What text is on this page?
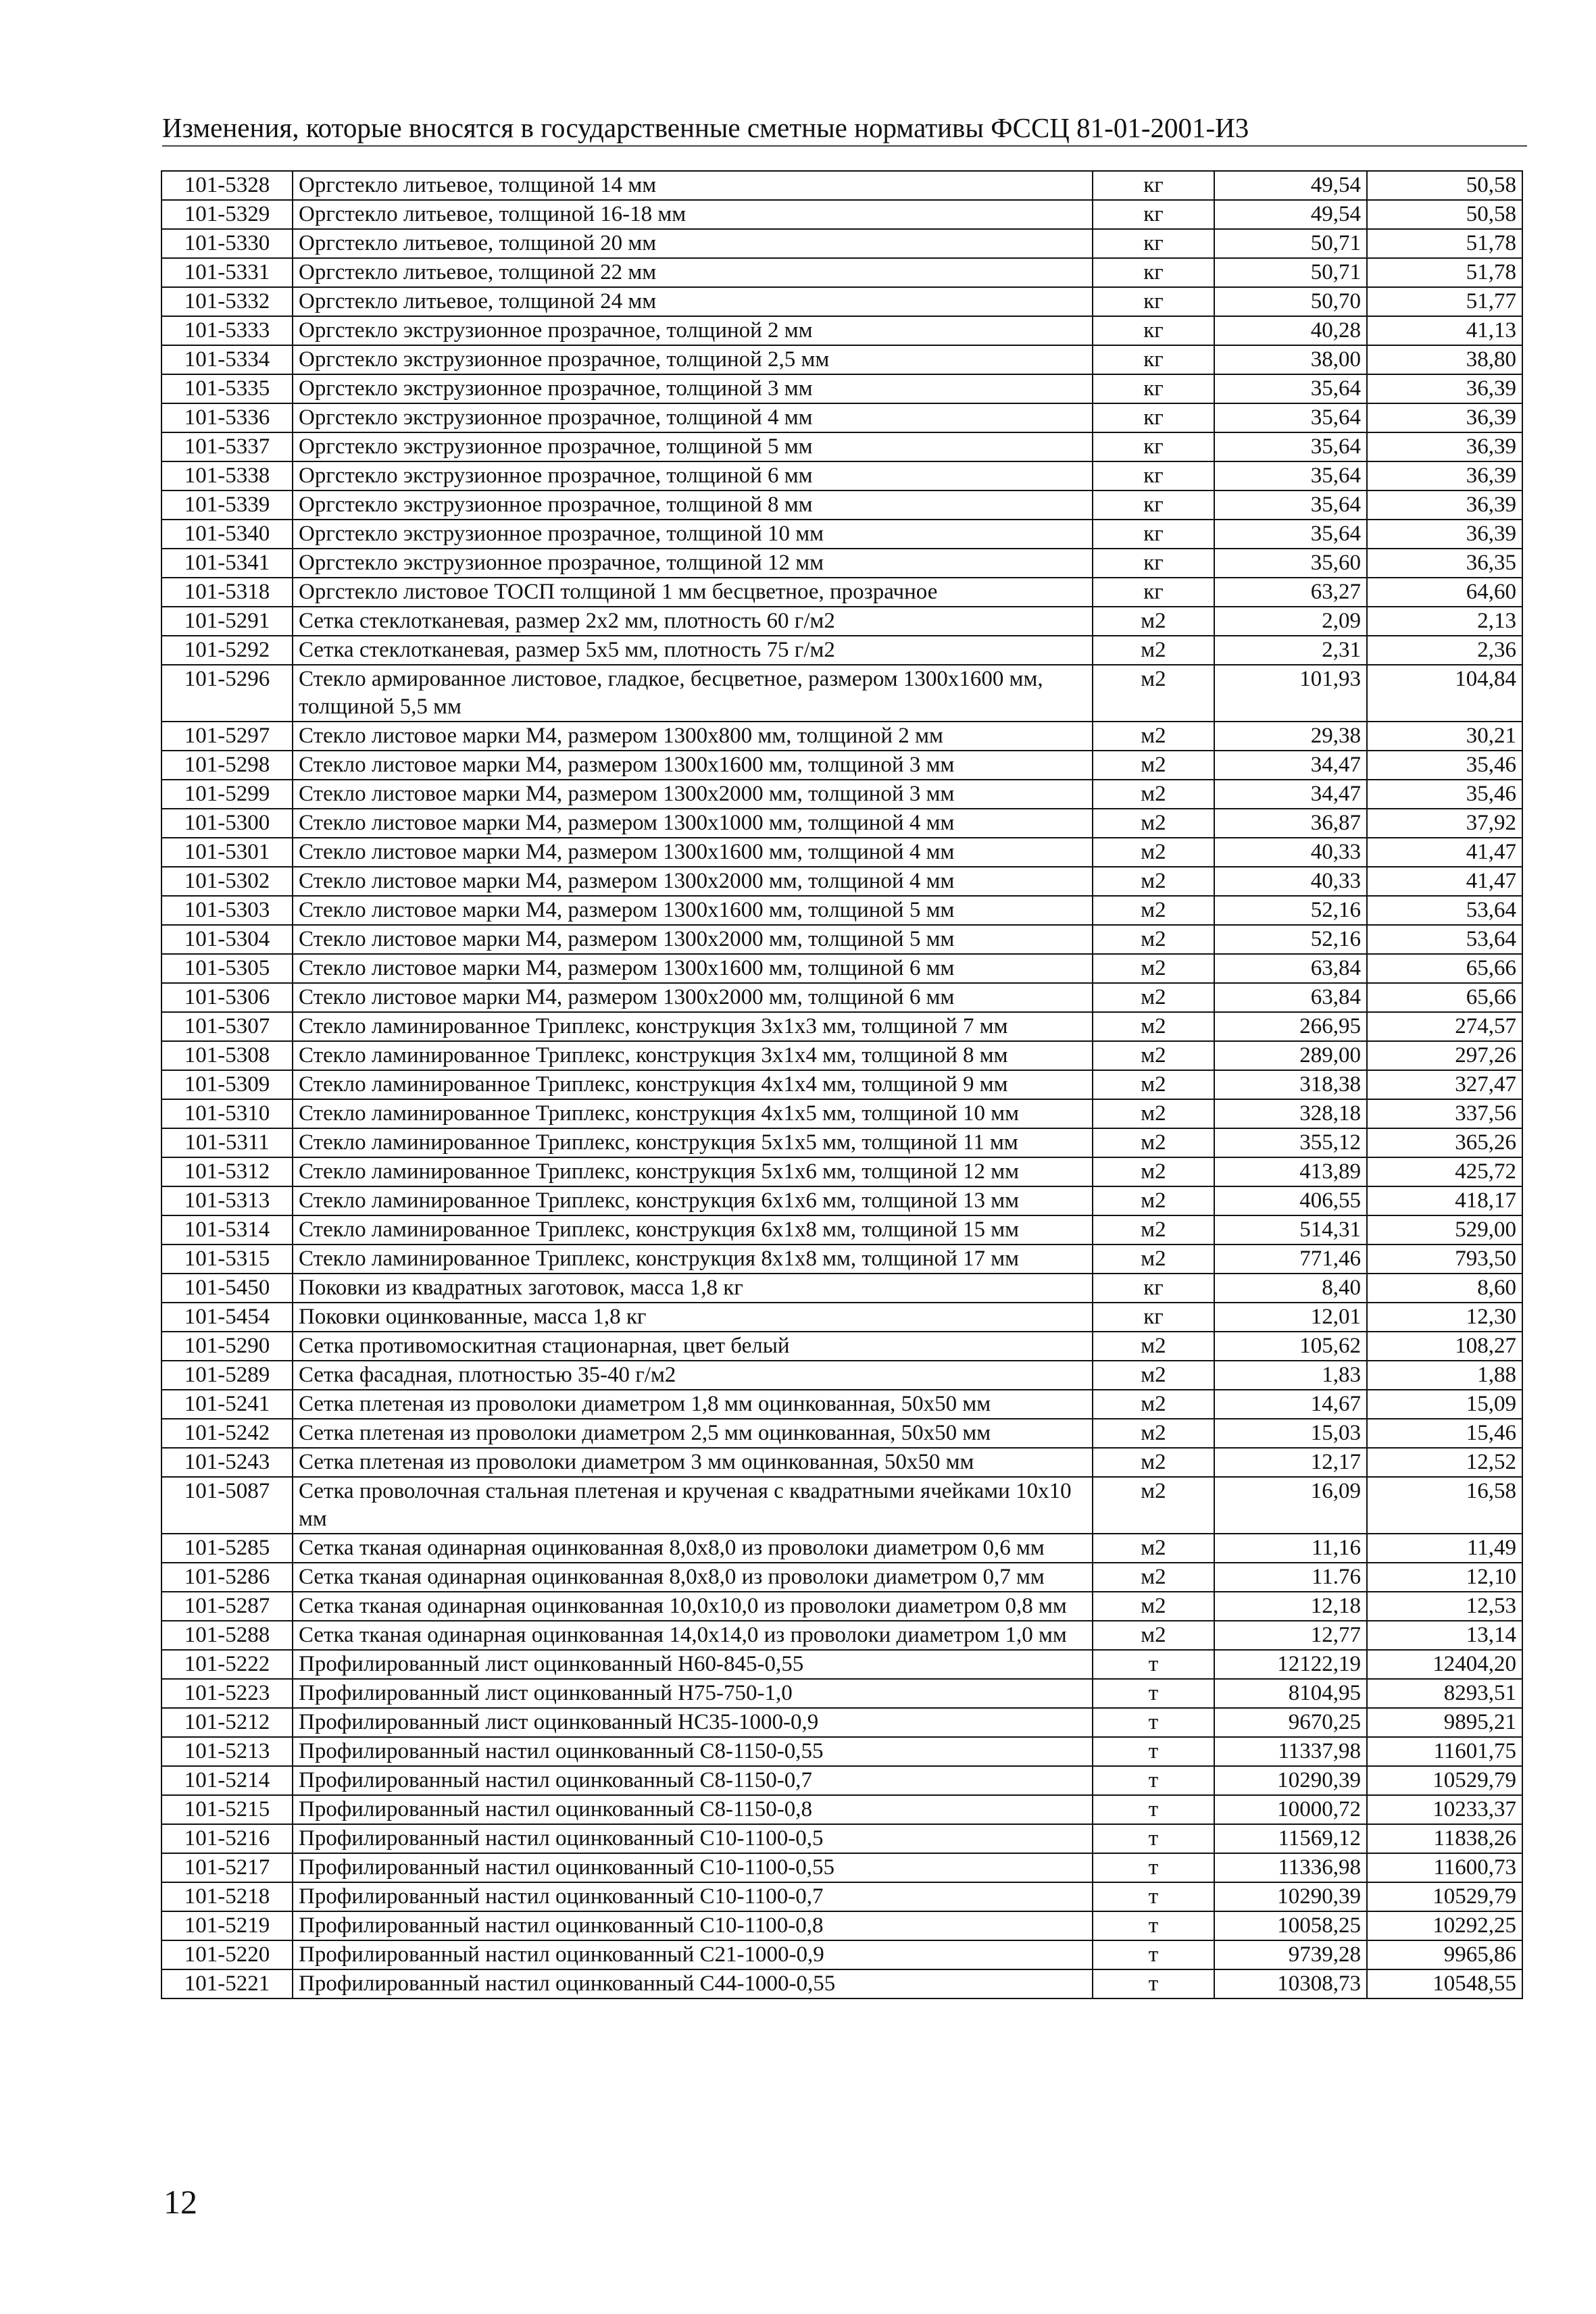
Изменения, которые вносятся в государственные сметные нормативы ФССЦ 81-01-2001-И3
101-5328	Оргстекло литьевое, толщиной 14 мм	кг	49,54	50,58
101-5329	Оргстекло литьевое, толщиной 16-18 мм	кг	49,54	50,58
101-5330	Оргстекло литьевое, толщиной 20 мм	кг	50,71	51,78
101-5331	Оргстекло литьевое, толщиной 22 мм	кг	50,71	51,78
101-5332	Оргстекло литьевое, толщиной 24 мм	кг	50,70	51,77
101-5333	Оргстекло экструзионное прозрачное, толщиной 2 мм	кг	40,28	41,13
101-5334	Оргстекло экструзионное прозрачное, толщиной 2,5 мм	кг	38,00	38,80
101-5335	Оргстекло экструзионное прозрачное, толщиной 3 мм	кг	35,64	36,39
101-5336	Оргстекло экструзионное прозрачное, толщиной 4 мм	кг	35,64	36,39
101-5337	Оргстекло экструзионное прозрачное, толщиной 5 мм	кг	35,64	36,39
101-5338	Оргстекло экструзионное прозрачное, толщиной 6 мм	кг	35,64	36,39
101-5339	Оргстекло экструзионное прозрачное, толщиной 8 мм	кг	35,64	36,39
101-5340	Оргстекло экструзионное прозрачное, толщиной 10 мм	кг	35,64	36,39
101-5341	Оргстекло экструзионное прозрачное, толщиной 12 мм	кг	35,60	36,35
101-5318	Оргстекло листовое ТОСП толщиной 1 мм бесцветное, прозрачное	кг	63,27	64,60
101-5291	Сетка стеклотканевая, размер 2х2 мм, плотность 60 г/м2	м2	2,09	2,13
101-5292	Сетка стеклотканевая, размер 5х5 мм, плотность 75 г/м2	м2	2,31	2,36
101-5296	Стекло армированное листовое, гладкое, бесцветное, размером 1300х1600 мм, толщиной 5,5 мм	м2	101,93	104,84
101-5297	Стекло листовое марки М4, размером 1300х800 мм, толщиной 2 мм	м2	29,38	30,21
101-5298	Стекло листовое марки М4, размером 1300х1600 мм, толщиной 3 мм	м2	34,47	35,46
101-5299	Стекло листовое марки М4, размером 1300х2000 мм, толщиной 3 мм	м2	34,47	35,46
101-5300	Стекло листовое марки М4, размером 1300х1000 мм, толщиной 4 мм	м2	36,87	37,92
101-5301	Стекло листовое марки М4, размером 1300х1600 мм, толщиной 4 мм	м2	40,33	41,47
101-5302	Стекло листовое марки М4, размером 1300х2000 мм, толщиной 4 мм	м2	40,33	41,47
101-5303	Стекло листовое марки М4, размером 1300х1600 мм, толщиной 5 мм	м2	52,16	53,64
101-5304	Стекло листовое марки М4, размером 1300х2000 мм, толщиной 5 мм	м2	52,16	53,64
101-5305	Стекло листовое марки М4, размером 1300х1600 мм, толщиной 6 мм	м2	63,84	65,66
101-5306	Стекло листовое марки М4, размером 1300х2000 мм, толщиной 6 мм	м2	63,84	65,66
101-5307	Стекло ламинированное Триплекс, конструкция 3х1х3 мм, толщиной 7 мм	м2	266,95	274,57
101-5308	Стекло ламинированное Триплекс, конструкция 3х1х4 мм, толщиной 8 мм	м2	289,00	297,26
101-5309	Стекло ламинированное Триплекс, конструкция 4х1х4 мм, толщиной 9 мм	м2	318,38	327,47
101-5310	Стекло ламинированное Триплекс, конструкция 4х1х5 мм, толщиной 10 мм	м2	328,18	337,56
101-5311	Стекло ламинированное Триплекс, конструкция 5х1х5 мм, толщиной 11 мм	м2	355,12	365,26
101-5312	Стекло ламинированное Триплекс, конструкция 5х1х6 мм, толщиной 12 мм	м2	413,89	425,72
101-5313	Стекло ламинированное Триплекс, конструкция 6х1х6 мм, толщиной 13 мм	м2	406,55	418,17
101-5314	Стекло ламинированное Триплекс, конструкция 6х1х8 мм, толщиной 15 мм	м2	514,31	529,00
101-5315	Стекло ламинированное Триплекс, конструкция 8х1х8 мм, толщиной 17 мм	м2	771,46	793,50
101-5450	Поковки из квадратных заготовок, масса 1,8 кг	кг	8,40	8,60
101-5454	Поковки оцинкованные, масса 1,8 кг	кг	12,01	12,30
101-5290	Сетка противомоскитная стационарная, цвет белый	м2	105,62	108,27
101-5289	Сетка фасадная, плотностью 35-40 г/м2	м2	1,83	1,88
101-5241	Сетка плетеная из проволоки диаметром 1,8 мм оцинкованная, 50х50 мм	м2	14,67	15,09
101-5242	Сетка плетеная из проволоки диаметром 2,5 мм оцинкованная, 50х50 мм	м2	15,03	15,46
101-5243	Сетка плетеная из проволоки диаметром 3 мм оцинкованная, 50х50 мм	м2	12,17	12,52
101-5087	Сетка проволочная стальная плетеная и крученая с квадратными ячейками 10х10 мм	м2	16,09	16,58
101-5285	Сетка тканая одинарная оцинкованная 8,0х8,0 из проволоки диаметром 0,6 мм	м2	11,16	11,49
101-5286	Сетка тканая одинарная оцинкованная 8,0х8,0 из проволоки диаметром 0,7 мм	м2	11.76	12,10
101-5287	Сетка тканая одинарная оцинкованная 10,0х10,0 из проволоки диаметром 0,8 мм	м2	12,18	12,53
101-5288	Сетка тканая одинарная оцинкованная 14,0х14,0 из проволоки диаметром 1,0 мм	м2	12,77	13,14
101-5222	Профилированный лист оцинкованный Н60-845-0,55	т	12122,19	12404,20
101-5223	Профилированный лист оцинкованный Н75-750-1,0	т	8104,95	8293,51
101-5212	Профилированный лист оцинкованный НС35-1000-0,9	т	9670,25	9895,21
101-5213	Профилированный настил оцинкованный С8-1150-0,55	т	11337,98	11601,75
101-5214	Профилированный настил оцинкованный С8-1150-0,7	т	10290,39	10529,79
101-5215	Профилированный настил оцинкованный С8-1150-0,8	т	10000,72	10233,37
101-5216	Профилированный настил оцинкованный С10-1100-0,5	т	11569,12	11838,26
101-5217	Профилированный настил оцинкованный С10-1100-0,55	т	11336,98	11600,73
101-5218	Профилированный настил оцинкованный С10-1100-0,7	т	10290,39	10529,79
101-5219	Профилированный настил оцинкованный С10-1100-0,8	т	10058,25	10292,25
101-5220	Профилированный настил оцинкованный С21-1000-0,9	т	9739,28	9965,86
101-5221	Профилированный настил оцинкованный С44-1000-0,55	т	10308,73	10548,55
12
